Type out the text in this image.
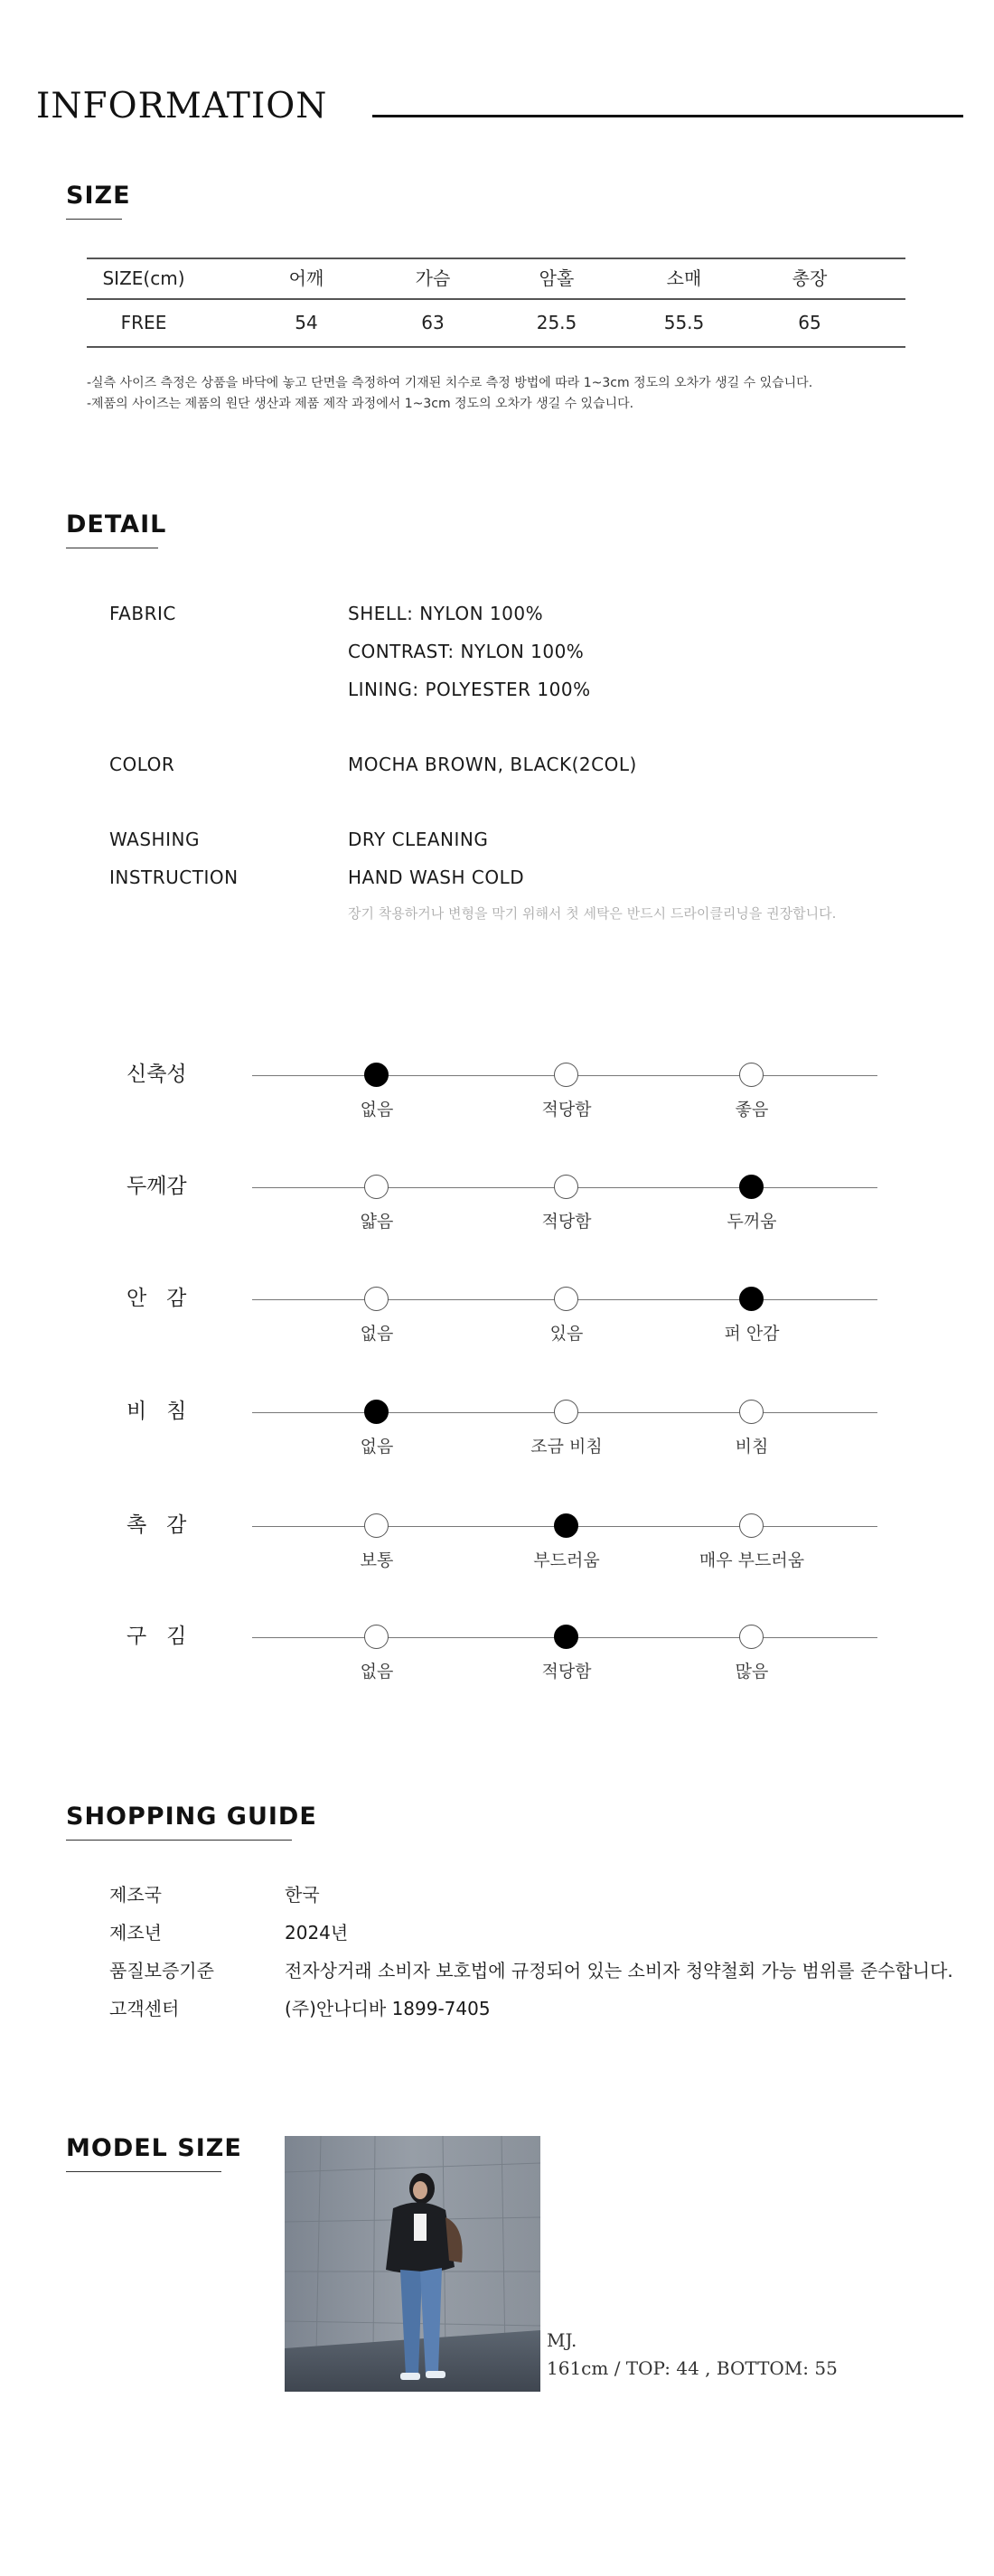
INFORMATION
SIZE
SIZE(cm)	어깨	가슴	암홀	소매	총장
FREE	54	63	25.5	55.5	65
-실측 사이즈 측정은 상품을 바닥에 놓고 단면을 측정하여 기재된 치수로 측정 방법에 따라 1~3cm 정도의 오차가 생길 수 있습니다.
-제품의 사이즈는 제품의 원단 생산과 제품 제작 과정에서 1~3cm 정도의 오차가 생길 수 있습니다.
DETAIL
FABRIC	SHELL: NYLON 100%
CONTRAST: NYLON 100%
LINING: POLYESTER 100%
COLOR	MOCHA BROWN, BLACK(2COL)
WASHING
INSTRUCTION
DRY CLEANING
HAND WASH COLD
장기 착용하거나 변형을 막기 위해서 첫 세탁은 반드시 드라이클리닝을 권장합니다.
신축성
없음	적당함	좋음
두께감
얇음	적당함	두꺼움
안   감
없음	있음	퍼 안감
비   침
없음	조금 비침	비침
촉   감
보통	부드러움	매우 부드러움
구   김
없음	적당함	많음
SHOPPING GUIDE
제조국	한국
제조년	2024년
품질보증기준	전자상거래 소비자 보호법에 규정되어 있는 소비자 청약철회 가능 범위를 준수합니다.
고객센터	(주)안나디바 1899-7405
MODEL SIZE
MJ.
161cm / TOP: 44 , BOTTOM: 55
